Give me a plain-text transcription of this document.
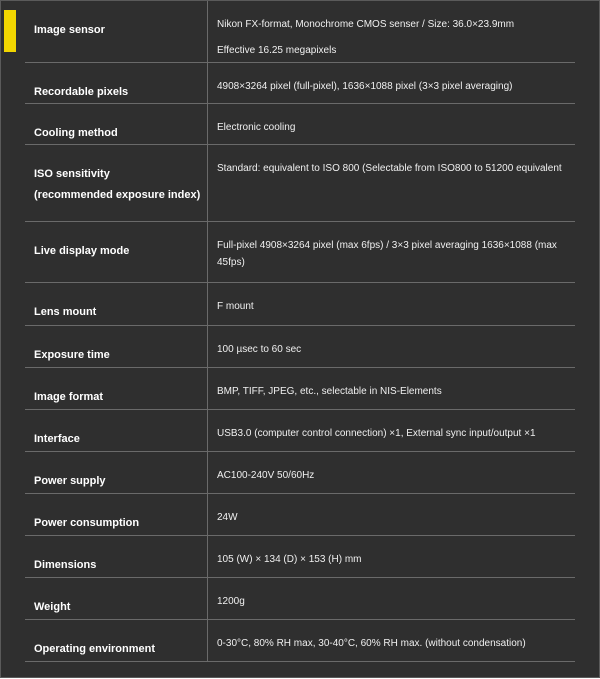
Image sensor	Nikon FX-format, Monochrome CMOS senser / Size: 36.0×23.9mm
Effective 16.25 megapixels

Recordable pixels	4908×3264 pixel (full-pixel), 1636×1088 pixel (3×3 pixel averaging)
Cooling method	Electronic cooling

ISO sensitivity
(recommended exposure index)	Standard: equivalent to ISO 800 (Selectable from ISO800 to 51200 equivalent
Live display mode	Full-pixel 4908×3264 pixel (max 6fps) / 3×3 pixel averaging 1636×1088 (max 45fps)
Lens mount	F mount
Exposure time	100 µsec to 60 sec
Image format	BMP, TIFF, JPEG, etc., selectable in NIS-Elements
Interface	USB3.0 (computer control connection) ×1, External sync input/output ×1
Power supply	AC100-240V 50/60Hz
Power consumption	24W
Dimensions	105 (W) × 134 (D) × 153 (H) mm
Weight	1200g
Operating environment	0-30°C, 80% RH max, 30-40°C, 60% RH max. (without condensation)
